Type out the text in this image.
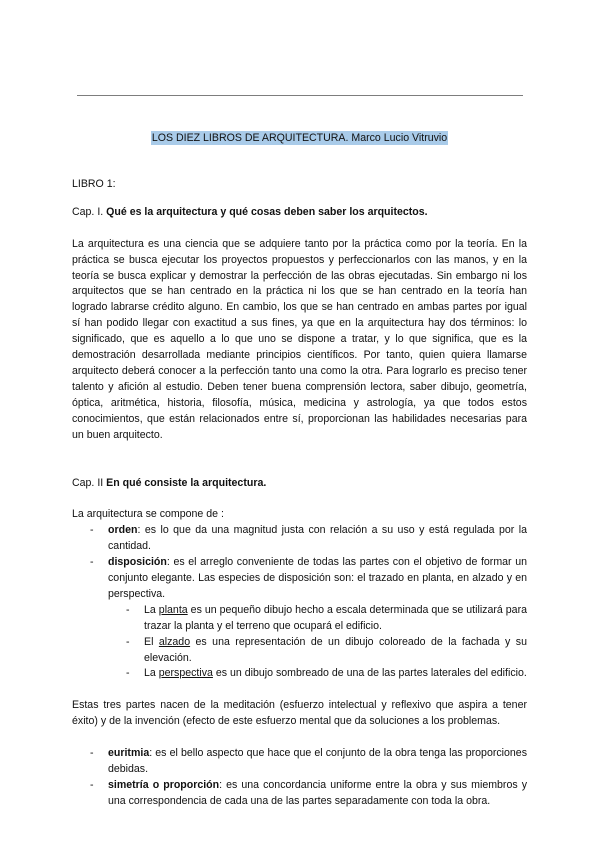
LOS DIEZ LIBROS DE ARQUITECTURA. Marco Lucio Vitruvio

LIBRO 1:

Cap. I. Qué es la arquitectura y qué cosas deben saber los arquitectos.

La arquitectura es una ciencia que se adquiere tanto por la práctica como por la teoría. En la práctica se busca ejecutar los proyectos propuestos y perfeccionarlos con las manos, y en la teoría se busca explicar y demostrar la perfección de las obras ejecutadas. Sin embargo ni los arquitectos que se han centrado en la práctica ni los que se han centrado en la teoría han logrado labrarse crédito alguno. En cambio, los que se han centrado en ambas partes por igual sí han podido llegar con exactitud a sus fines, ya que en la arquitectura hay dos términos: lo significado, que es aquello a lo que uno se dispone a tratar, y lo que significa, que es la demostración desarrollada mediante principios científicos. Por tanto, quien quiera llamarse arquitecto deberá conocer a la perfección tanto una como la otra. Para lograrlo es preciso tener talento y afición al estudio. Deben tener buena comprensión lectora, saber dibujo, geometría, óptica, aritmética, historia, filosofía, música, medicina y astrología, ya que todos estos conocimientos, que están relacionados entre sí, proporcionan las habilidades necesarias para un buen arquitecto.

Cap. II En qué consiste la arquitectura.

La arquitectura se compone de :

- orden: es lo que da una magnitud justa con relación a su uso y está regulada por la cantidad.
- disposición: es el arreglo conveniente de todas las partes con el objetivo de formar un conjunto elegante. Las especies de disposición son: el trazado en planta, en alzado y en perspectiva.
- La planta es un pequeño dibujo hecho a escala determinada que se utilizará para trazar la planta y el terreno que ocupará el edificio.
- El alzado es una representación de un dibujo coloreado de la fachada y su elevación.
- La perspectiva es un dibujo sombreado de una de las partes laterales del edificio.

Estas tres partes nacen de la meditación (esfuerzo intelectual y reflexivo que aspira a tener éxito) y de la invención (efecto de este esfuerzo mental que da soluciones a los problemas.

- euritmia: es el bello aspecto que hace que el conjunto de la obra tenga las proporciones debidas.
- simetría o proporción: es una concordancia uniforme entre la obra y sus miembros y una correspondencia de cada una de las partes separadamente con toda la obra.
